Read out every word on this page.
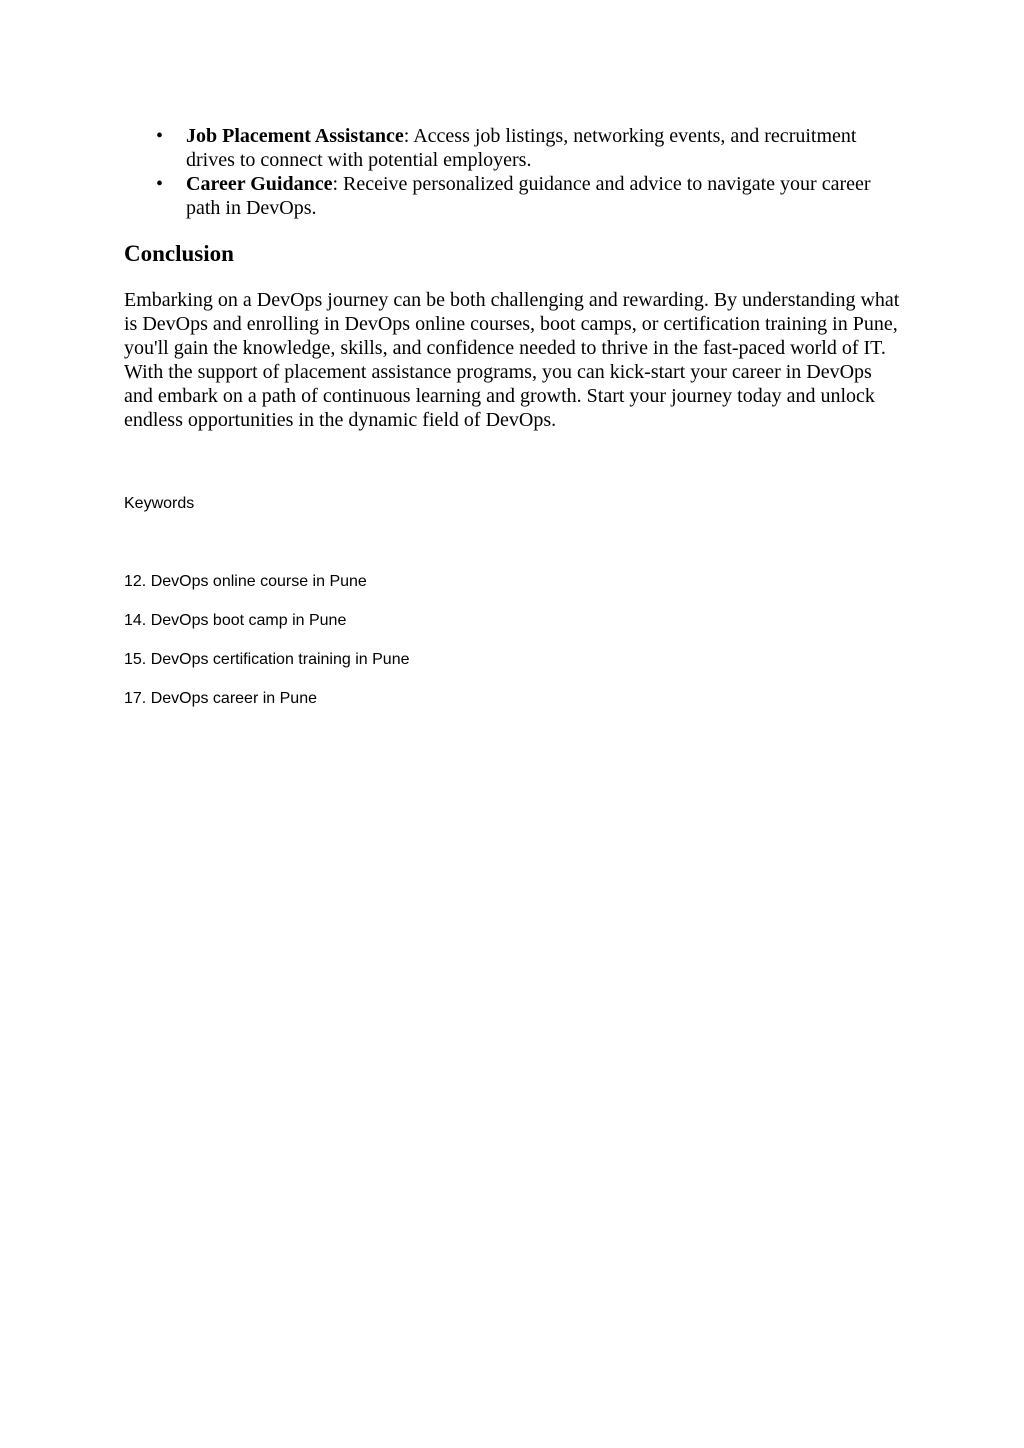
• Job Placement Assistance: Access job listings, networking events, and recruitment drives to connect with potential employers.
• Career Guidance: Receive personalized guidance and advice to navigate your career path in DevOps.
Conclusion

Embarking on a DevOps journey can be both challenging and rewarding. By understanding what is DevOps and enrolling in DevOps online courses, boot camps, or certification training in Pune, you'll gain the knowledge, skills, and confidence needed to thrive in the fast-paced world of IT. With the support of placement assistance programs, you can kick-start your career in DevOps and embark on a path of continuous learning and growth. Start your journey today and unlock endless opportunities in the dynamic field of DevOps.

Keywords

12. DevOps online course in Pune
14. DevOps boot camp in Pune
15. DevOps certification training in Pune
17. DevOps career in Pune
